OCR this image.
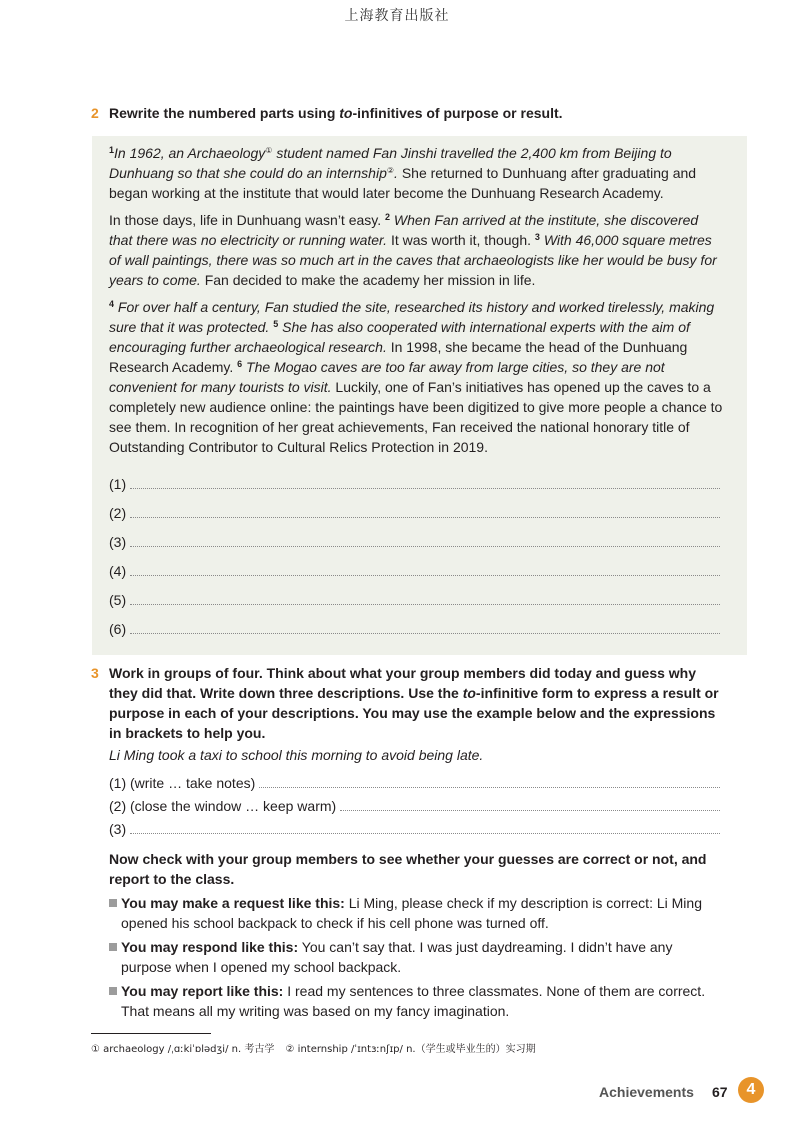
上海教育出版社
2 Rewrite the numbered parts using to-infinitives of purpose or result.

$^1$In 1962, an Archaeology① student named Fan Jinshi travelled the 2,400 km from Beijing to Dunhuang so that she could do an internship②. She returned to Dunhuang after graduating and began working at the institute that would later become the Dunhuang Research Academy.

In those days, life in Dunhuang wasn’t easy. $^2$ When Fan arrived at the institute, she discovered that there was no electricity or running water. It was worth it, though. $^3$ With 46,000 square metres of wall paintings, there was so much art in the caves that archaeologists like her would be busy for years to come. Fan decided to make the academy her mission in life.

$^4$ For over half a century, Fan studied the site, researched its history and worked tirelessly, making sure that it was protected. $^5$ She has also cooperated with international experts with the aim of encouraging further archaeological research. In 1998, she became the head of the Dunhuang Research Academy. $^6$ The Mogao caves are too far away from large cities, so they are not convenient for many tourists to visit. Luckily, one of Fan’s initiatives has opened up the caves to a completely new audience online: the paintings have been digitized to give more people a chance to see them. In recognition of her great achievements, Fan received the national honorary title of Outstanding Contributor to Cultural Relics Protection in 2019.

(1)
(2)
(3)
(4)
(5)
(6)
3 Work in groups of four. Think about what your group members did today and guess why they did that. Write down three descriptions. Use the to-infinitive form to express a result or purpose in each of your descriptions. You may use the example below and the expressions in brackets to help you.
Li Ming took a taxi to school this morning to avoid being late.
(1) (write … take notes)
(2) (close the window … keep warm)
(3)
Now check with your group members to see whether your guesses are correct or not, and report to the class.
You may make a request like this: Li Ming, please check if my description is correct: Li Ming opened his school backpack to check if his cell phone was turned off.
You may respond like this: You can’t say that. I was just daydreaming. I didn’t have any purpose when I opened my school backpack.
You may report like this: I read my sentences to three classmates. None of them are correct. That means all my writing was based on my fancy imagination.
① archaeology /ˌɑːkiˈɒlədʒi/ n. 考古学 ② internship /ˈɪntɜːnʃɪp/ n.（学生或毕业生的）实习期
Achievements 67	4
